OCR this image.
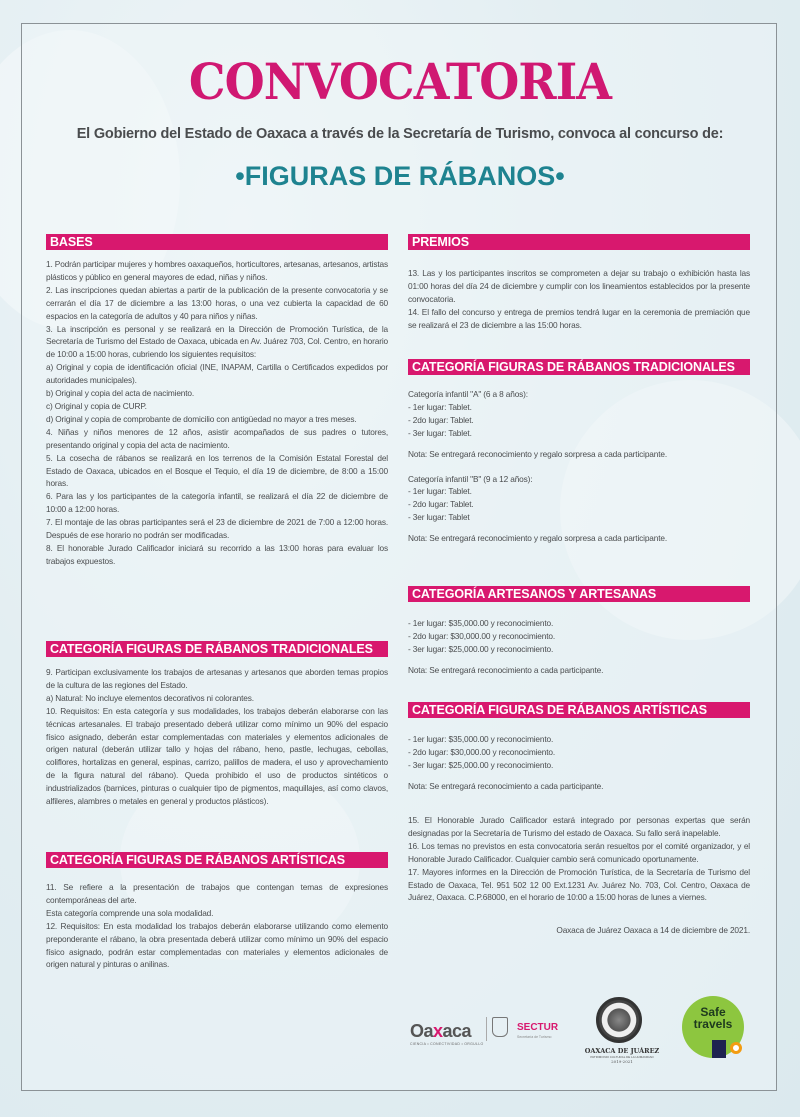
CONVOCATORIA
El Gobierno del Estado de Oaxaca a través de la Secretaría de Turismo, convoca al concurso de:
•FIGURAS DE RÁBANOS•
BASES

1. Podrán participar mujeres y hombres oaxaqueños, horticultores, artesanas, artesanos, artistas plásticos y público en general mayores de edad, niñas y niños.

2. Las inscripciones quedan abiertas a partir de la publicación de la presente convocatoria y se cerrarán el día 17 de diciembre a las 13:00 horas, o una vez cubierta la capacidad de 60 espacios en la categoría de adultos y 40 para niños y niñas.

3. La inscripción es personal y se realizará en la Dirección de Promoción Turística, de la Secretaría de Turismo del Estado de Oaxaca, ubicada en Av. Juárez 703, Col. Centro, en horario de 10:00 a 15:00 horas, cubriendo los siguientes requisitos:

a) Original y copia de identificación oficial (INE, INAPAM, Cartilla o Certificados expedidos por autoridades municipales).

b) Original y copia del acta de nacimiento.

c) Original y copia de CURP.

d) Original y copia de comprobante de domicilio con antigüedad no mayor a tres meses.

4. Niñas y niños menores de 12 años, asistir acompañados de sus padres o tutores, presentando original y copia del acta de nacimiento.

5. La cosecha de rábanos se realizará en los terrenos de la Comisión Estatal Forestal del Estado de Oaxaca, ubicados en el Bosque el Tequio, el día 19 de diciembre, de 8:00 a 15:00 horas.

6. Para las y los participantes de la categoría infantil, se realizará el día 22 de diciembre de 10:00 a 12:00 horas.

7. El montaje de las obras participantes será el 23 de diciembre de 2021 de 7:00 a 12:00 horas. Después de ese horario no podrán ser modificadas.

8. El honorable Jurado Calificador iniciará su recorrido a las 13:00 horas para evaluar los trabajos expuestos.

CATEGORÍA FIGURAS DE RÁBANOS TRADICIONALES

9. Participan exclusivamente los trabajos de artesanas y artesanos que aborden temas propios de la cultura de las regiones del Estado.

a) Natural: No incluye elementos decorativos ni colorantes.

10. Requisitos: En esta categoría y sus modalidades, los trabajos deberán elaborarse con las técnicas artesanales. El trabajo presentado deberá utilizar como mínimo un 90% del espacio físico asignado, deberán estar complementadas con materiales y elementos adicionales de origen natural (deberán utilizar tallo y hojas del rábano, heno, pastle, lechugas, cebollas, coliflores, hortalizas en general, espinas, carrizo, palillos de madera, el uso y aprovechamiento de la figura natural del rábano). Queda prohibido el uso de productos sintéticos o industrializados (barnices, pinturas o cualquier tipo de pigmentos, maquillajes, así como clavos, alfileres, alambres o metales en general y productos plásticos).

CATEGORÍA FIGURAS DE RÁBANOS ARTÍSTICAS

11. Se refiere a la presentación de trabajos que contengan temas de expresiones contemporáneas del arte.

Esta categoría comprende una sola modalidad.

12. Requisitos: En esta modalidad los trabajos deberán elaborarse utilizando como elemento preponderante el rábano, la obra presentada deberá utilizar como mínimo un 90% del espacio físico asignado, podrán estar complementadas con materiales y elementos adicionales de origen natural y pinturas o anilinas.

PREMIOS

13. Las y los participantes inscritos se comprometen a dejar su trabajo o exhibición hasta las 01:00 horas del día 24 de diciembre y cumplir con los lineamientos establecidos por la presente convocatoria.

14. El fallo del concurso y entrega de premios tendrá lugar en la ceremonia de premiación que se realizará el 23 de diciembre a las 15:00 horas.

CATEGORÍA FIGURAS DE RÁBANOS TRADICIONALES

Categoría infantil "A" (6 a 8 años):

- 1er lugar: Tablet.

- 2do lugar: Tablet.

- 3er lugar: Tablet.

Nota: Se entregará reconocimiento y regalo sorpresa a cada participante.

Categoría infantil "B" (9 a 12 años):

- 1er lugar: Tablet.

- 2do lugar: Tablet.

- 3er lugar: Tablet

Nota: Se entregará reconocimiento y regalo sorpresa a cada participante.

CATEGORÍA ARTESANOS Y ARTESANAS

- 1er lugar: $35,000.00 y reconocimiento.

- 2do lugar: $30,000.00 y reconocimiento.

- 3er lugar: $25,000.00 y reconocimiento.

Nota: Se entregará reconocimiento a cada participante.

CATEGORÍA FIGURAS DE RÁBANOS ARTÍSTICAS

- 1er lugar: $35,000.00 y reconocimiento.

- 2do lugar: $30,000.00 y reconocimiento.

- 3er lugar: $25,000.00 y reconocimiento.

Nota: Se entregará reconocimiento a cada participante.

15. El Honorable Jurado Calificador estará integrado por personas expertas que serán designadas por la Secretaría de Turismo del estado de Oaxaca. Su fallo será inapelable.

16. Los temas no previstos en esta convocatoria serán resueltos por el comité organizador, y el Honorable Jurado Calificador. Cualquier cambio será comunicado oportunamente.

17. Mayores informes en la Dirección de Promoción Turística, de la Secretaría de Turismo del Estado de Oaxaca, Tel. 951 502 12 00 Ext.1231 Av. Juárez No. 703, Col. Centro, Oaxaca de Juárez, Oaxaca. C.P.68000, en el horario de 10:00 a 15:00 horas de lunes a viernes.

Oaxaca de Juárez Oaxaca a 14 de diciembre de 2021.

Oaxaca
CIENCIA • CONECTIVIDAD • ORGULLO
SECTUR
Secretaría de Turismo
OAXACA DE JUÁREZ
PATRIMONIO CULTURAL DE LA HUMANIDAD
2019-2021
Safe travels
